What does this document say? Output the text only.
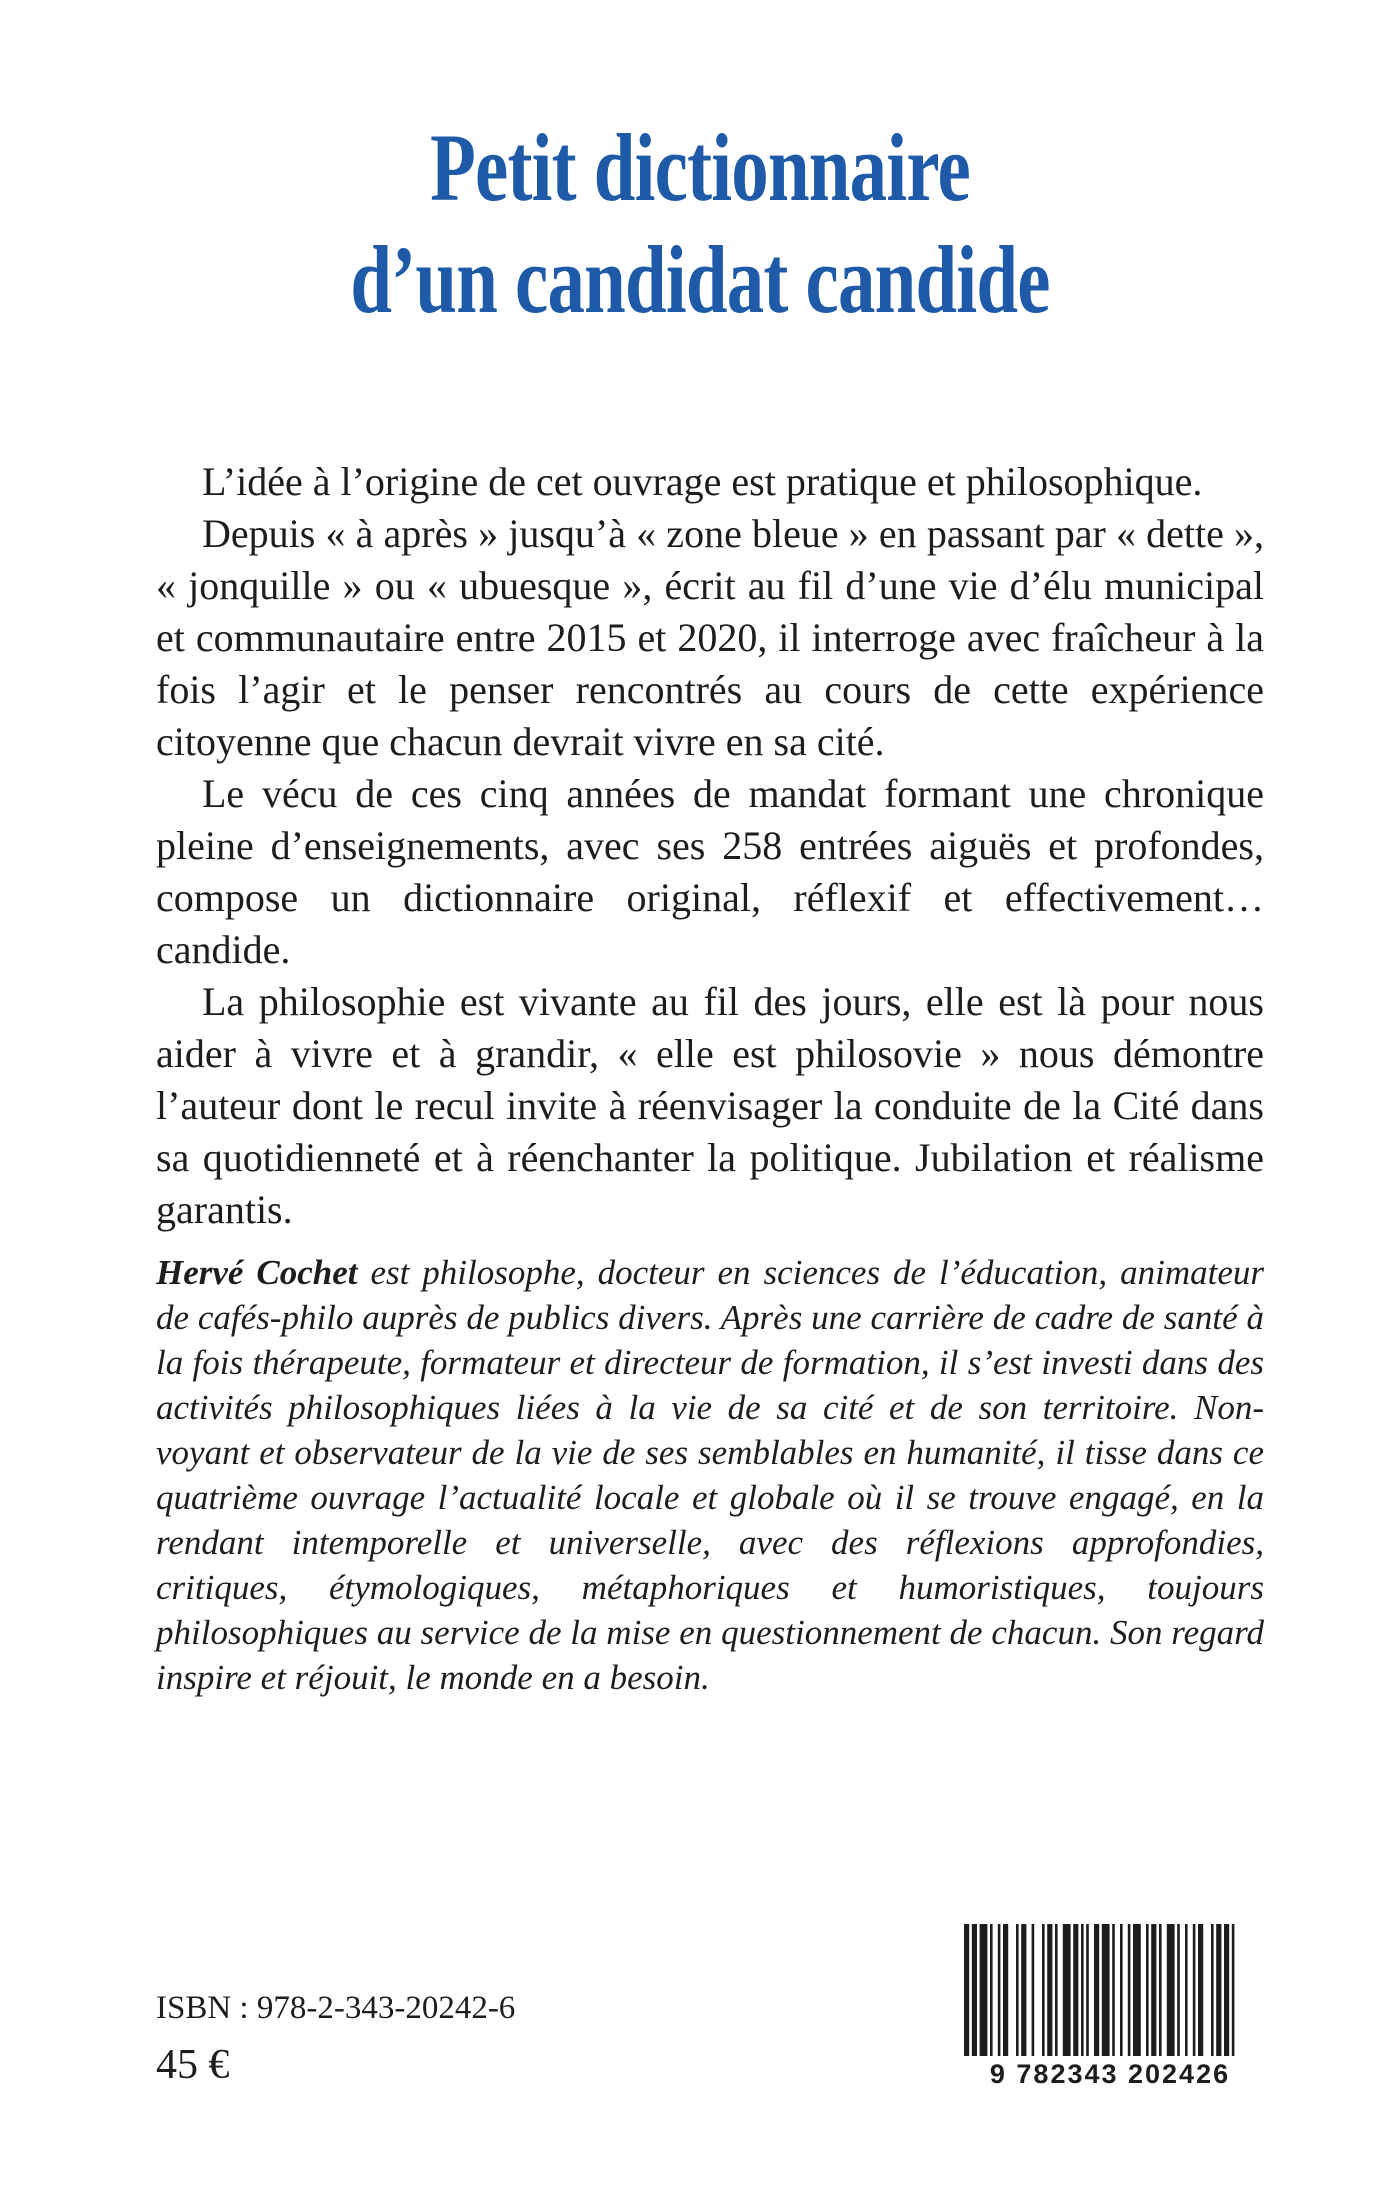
Petit dictionnaire
d’un candidat candide

L’idée à l’origine de cet ouvrage est pratique et philosophique.

Depuis « à après » jusqu’à « zone bleue » en passant par « dette », « jonquille » ou « ubuesque », écrit au fil d’une vie d’élu municipal et communautaire entre 2015 et 2020, il interroge avec fraîcheur à la fois l’agir et le penser rencontrés au cours de cette expérience citoyenne que chacun devrait vivre en sa cité.

Le vécu de ces cinq années de mandat formant une chronique pleine d’enseignements, avec ses 258 entrées aiguës et profondes, compose un dictionnaire original, réflexif et effectivement… candide.

La philosophie est vivante au fil des jours, elle est là pour nous aider à vivre et à grandir, « elle est philosovie » nous démontre l’auteur dont le recul invite à réenvisager la conduite de la Cité dans sa quotidienneté et à réenchanter la politique. Jubilation et réalisme garantis.

Hervé Cochet est philosophe, docteur en sciences de l’éducation, animateur de cafés-philo auprès de publics divers. Après une carrière de cadre de santé à la fois thérapeute, formateur et directeur de formation, il s’est investi dans des activités philosophiques liées à la vie de sa cité et de son territoire. Non-voyant et observateur de la vie de ses semblables en humanité, il tisse dans ce quatrième ouvrage l’actualité locale et globale où il se trouve engagé, en la rendant intemporelle et universelle, avec des réflexions approfondies, critiques, étymologiques, métaphoriques et humoristiques, toujours philosophiques au service de la mise en questionnement de chacun. Son regard inspire et réjouit, le monde en a besoin.

ISBN : 978-2-343-20242-6
45 €	9 782343 202426
